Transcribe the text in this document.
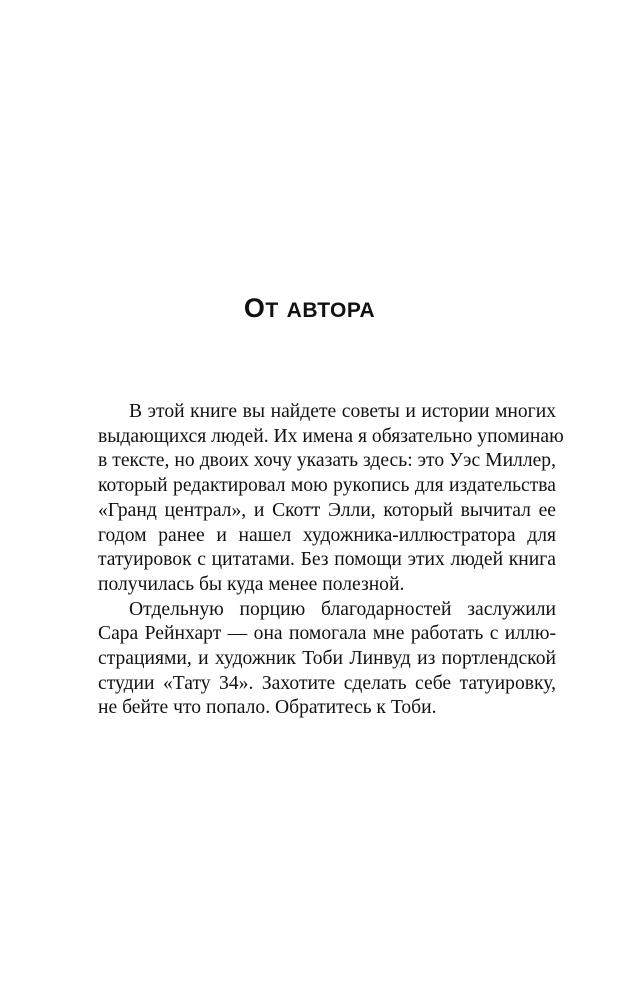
ОТ АВТОРА
В этой книге вы найдете советы и истории многих
выдающихся людей. Их имена я обязательно упоминаю
в тексте, но двоих хочу указать здесь: это Уэс Миллер,
который редактировал мою рукопись для издательства
«Гранд централ», и Скотт Элли, который вычитал ее
годом ранее и нашел художника-иллюстратора для
татуировок с цитатами. Без помощи этих людей книга
получилась бы куда менее полезной.
Отдельную порцию благодарностей заслужили
Сара Рейнхарт — она помогала мне работать с иллю-
страциями, и художник Тоби Линвуд из портлендской
студии «Тату 34». Захотите сделать себе татуировку,
не бейте что попало. Обратитесь к Тоби.
